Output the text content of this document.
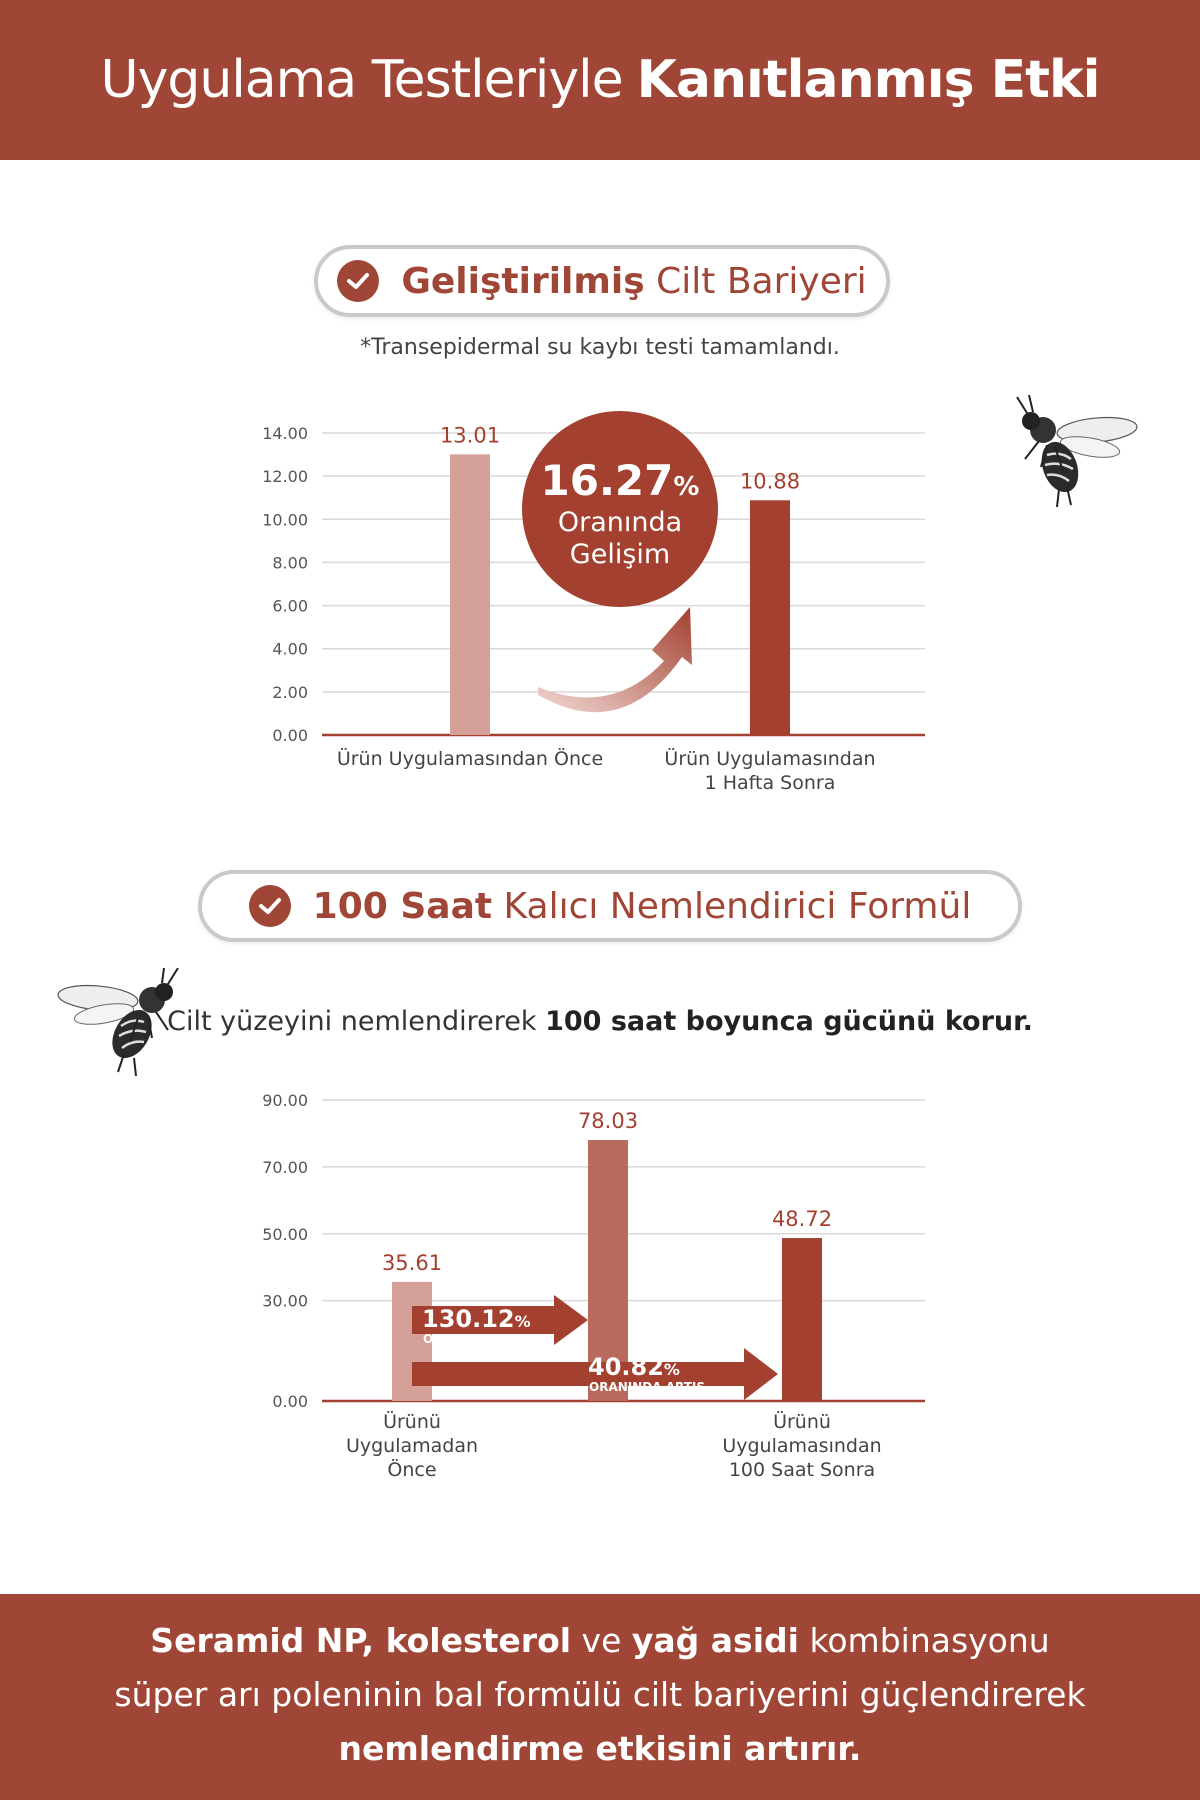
Uygulama Testleriyle Kanıtlanmış Etki
Geliştirilmiş Cilt Bariyeri
*Transepidermal su kaybı testi tamamlandı.
0.00
2.00
4.00
6.00
8.00
10.00
12.00
14.00	13.01
10.88
Ürün Uygulamasından Önce	Ürün Uygulamasından
1 Hafta Sonra
16.27%
Oranında
Gelişim
100 Saat Kalıcı Nemlendirici Formül
Cilt yüzeyini nemlendirerek 100 saat boyunca gücünü korur.
0.00
30.00
50.00
70.00
90.00
35.61
78.03
48.72
Ürünü
Uygulamadan
Önce
Ürünü
Uygulamasından
100 Saat Sonra
130.12%
ORANINDA ARTIŞ
40.82%
ORANINDA ARTIŞ
Seramid NP, kolesterol ve yağ asidi kombinasyonu
süper arı poleninin bal formülü cilt bariyerini güçlendirerek
nemlendirme etkisini artırır.
